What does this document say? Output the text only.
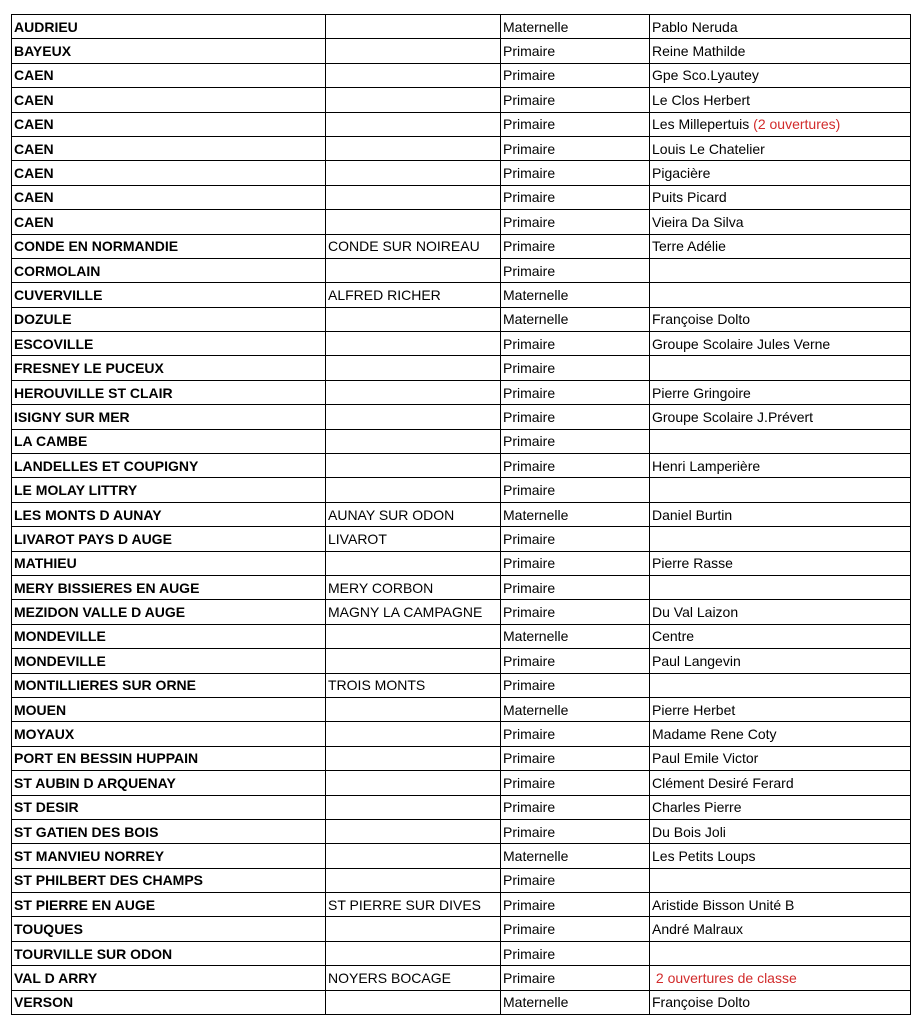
AUDRIEU		Maternelle	Pablo Neruda
BAYEUX		Primaire	Reine Mathilde
CAEN		Primaire	Gpe Sco.Lyautey
CAEN		Primaire	Le Clos Herbert
CAEN		Primaire	Les Millepertuis (2 ouvertures)
CAEN		Primaire	Louis Le Chatelier
CAEN		Primaire	Pigacière
CAEN		Primaire	Puits Picard
CAEN		Primaire	Vieira Da Silva
CONDE EN NORMANDIE	CONDE SUR NOIREAU	Primaire	Terre Adélie
CORMOLAIN		Primaire	
CUVERVILLE	ALFRED RICHER	Maternelle	
DOZULE		Maternelle	Françoise Dolto
ESCOVILLE		Primaire	Groupe Scolaire Jules Verne
FRESNEY LE PUCEUX		Primaire	
HEROUVILLE ST CLAIR		Primaire	Pierre Gringoire
ISIGNY SUR MER		Primaire	Groupe Scolaire J.Prévert
LA CAMBE		Primaire	
LANDELLES ET COUPIGNY		Primaire	Henri Lamperière
LE MOLAY LITTRY		Primaire	
LES MONTS D AUNAY	AUNAY SUR ODON	Maternelle	Daniel Burtin
LIVAROT PAYS D AUGE	LIVAROT	Primaire	
MATHIEU		Primaire	Pierre Rasse
MERY BISSIERES EN AUGE	MERY CORBON	Primaire	
MEZIDON VALLE D AUGE	MAGNY LA CAMPAGNE	Primaire	Du Val Laizon
MONDEVILLE		Maternelle	Centre
MONDEVILLE		Primaire	Paul Langevin
MONTILLIERES SUR ORNE	TROIS MONTS	Primaire	
MOUEN		Maternelle	Pierre Herbet
MOYAUX		Primaire	Madame Rene Coty
PORT EN BESSIN HUPPAIN		Primaire	Paul Emile Victor
ST AUBIN D ARQUENAY		Primaire	Clément Desiré Ferard
ST DESIR		Primaire	Charles Pierre
ST GATIEN DES BOIS		Primaire	Du Bois Joli
ST MANVIEU NORREY		Maternelle	Les Petits Loups
ST PHILBERT DES CHAMPS		Primaire	
ST PIERRE EN AUGE	ST PIERRE SUR DIVES	Primaire	Aristide Bisson Unité B
TOUQUES		Primaire	André Malraux
TOURVILLE SUR ODON		Primaire	
VAL D ARRY	NOYERS BOCAGE	Primaire	2 ouvertures de classe
VERSON		Maternelle	Françoise Dolto
